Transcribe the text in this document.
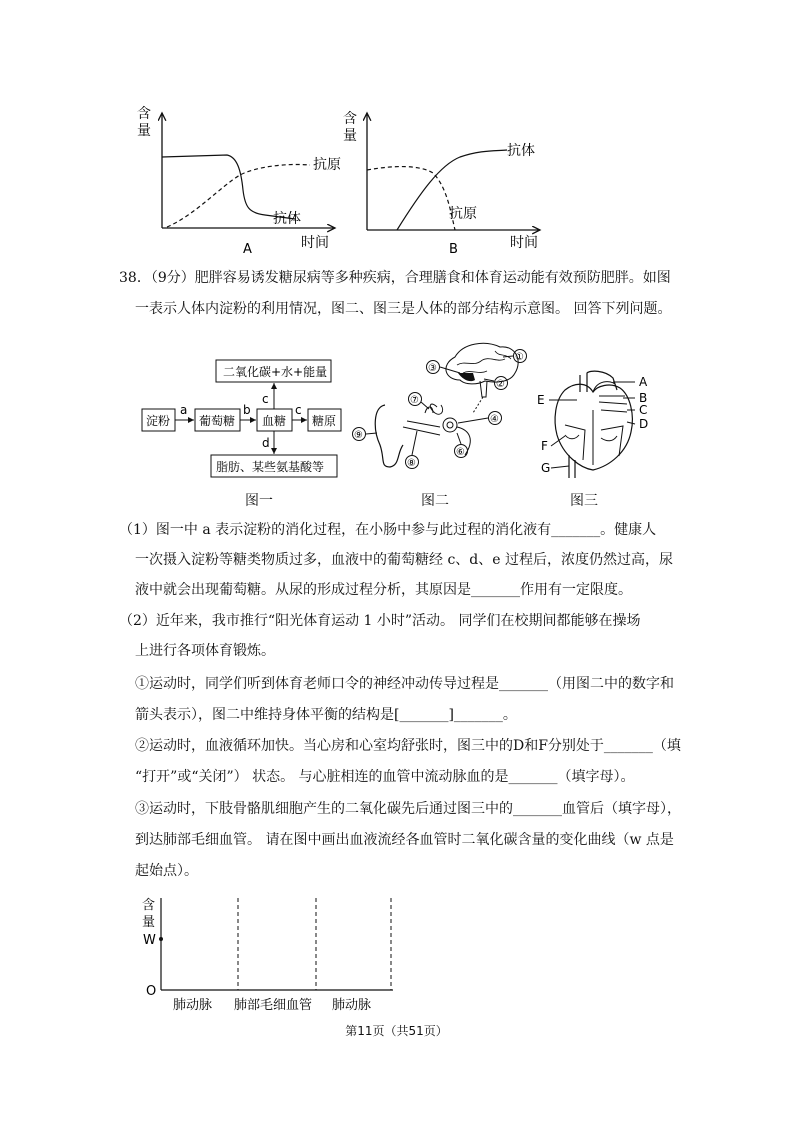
含
量
抗原
抗体
A	时间
含
量
抗体
抗原
B	时间
38．（9分）肥胖容易诱发糖尿病等多种疾病，合理膳食和体育运动能有效预防肥胖。如图
一表示人体内淀粉的利用情况，图二、图三是人体的部分结构示意图。 回答下列问题。
二氧化碳+水+能量
淀粉 葡萄糖 血糖 糖原
脂肪、某些氨基酸等
a	b
c
c
d
图一
①
②
③
④
⑥
⑦
⑧
⑨
图二
A
B
C
D
E
F
G
图三
（1）图一中 a 表示淀粉的消化过程，在小肠中参与此过程的消化液有_______。健康人
一次摄入淀粉等糖类物质过多，血液中的葡萄糖经 c、d、e 过程后，浓度仍然过高，尿
液中就会出现葡萄糖。从尿的形成过程分析，其原因是_______作用有一定限度。
（2）近年来，我市推行“阳光体育运动 1 小时”活动。 同学们在校期间都能够在操场
上进行各项体育锻炼。
①运动时，同学们听到体育老师口令的神经冲动传导过程是_______（用图二中的数字和
箭头表示），图二中维持身体平衡的结构是[_______]_______。
②运动时，血液循环加快。当心房和心室均舒张时，图三中的D和F分别处于_______（填
“打开”或“关闭”） 状态。 与心脏相连的血管中流动脉血的是_______（填字母）。
③运动时，下肢骨骼肌细胞产生的二氧化碳先后通过图三中的_______血管后（填字母），
到达肺部毛细血管。 请在图中画出血液流经各血管时二氧化碳含量的变化曲线（w 点是
起始点）。
含
量
W
O
肺动脉 肺部毛细血管 肺动脉
第11页（共51页）
